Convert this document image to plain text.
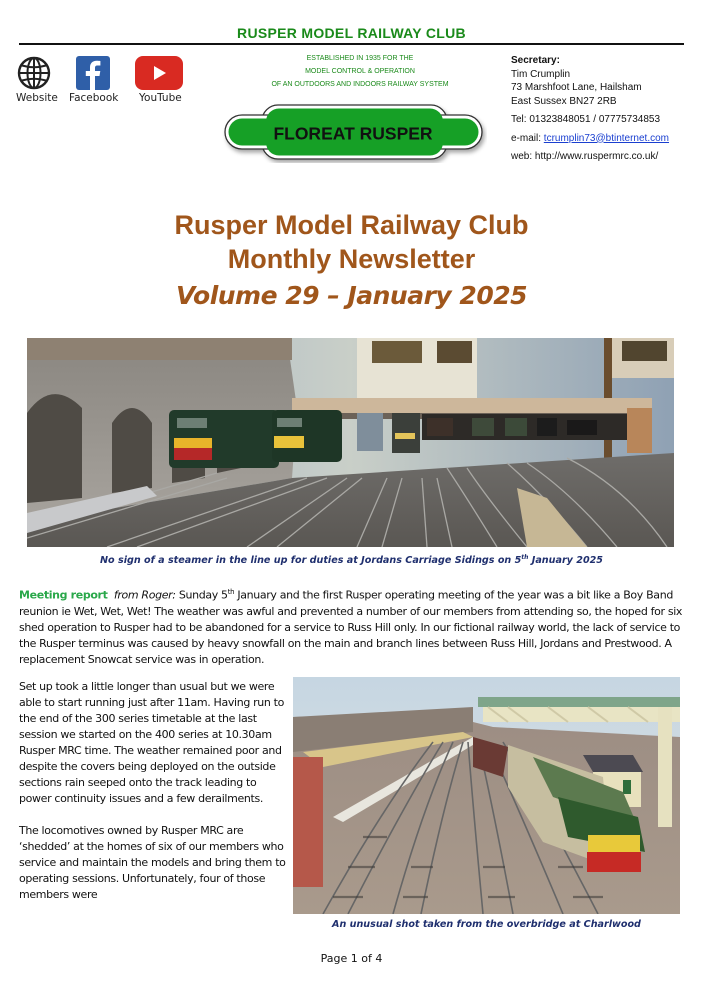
RUSPER MODEL RAILWAY CLUB
Website Facebook YouTube
ESTABLISHED IN 1935 FOR THE
MODEL CONTROL & OPERATION
OF AN OUTDOORS AND INDOORS RAILWAY SYSTEM
FLOREAT RUSPER
Secretary:
Tim Crumplin
73 Marshfoot Lane, Hailsham
East Sussex BN27 2RB
Tel: 01323848051 / 07775734853
e-mail: tcrumplin73@btinternet.com
web: http://www.ruspermrc.co.uk/
Rusper Model Railway Club
Monthly Newsletter
Volume 29 – January 2025
No sign of a steamer in the line up for duties at Jordans Carriage Sidings on 5th January 2025
Meeting report from Roger: Sunday 5th January and the first Rusper operating meeting of the year was a bit like a Boy Band reunion ie Wet, Wet, Wet! The weather was awful and prevented a number of our members from attending so, the hoped for six shed operation to Rusper had to be abandoned for a service to Russ Hill only. In our fictional railway world, the lack of service to the Rusper terminus was caused by heavy snowfall on the main and branch lines between Russ Hill, Jordans and Prestwood. A replacement Snowcat service was in operation.

Set up took a little longer than usual but we were able to start running just after 11am. Having run to the end of the 300 series timetable at the last session we started on the 400 series at 10.30am Rusper MRC time. The weather remained poor and despite the covers being deployed on the outside sections rain seeped onto the track leading to power continuity issues and a few derailments.

The locomotives owned by Rusper MRC are ‘shedded’ at the homes of six of our members who service and maintain the models and bring them to operating sessions. Unfortunately, four of those members were

An unusual shot taken from the overbridge at Charlwood
Page 1 of 4
